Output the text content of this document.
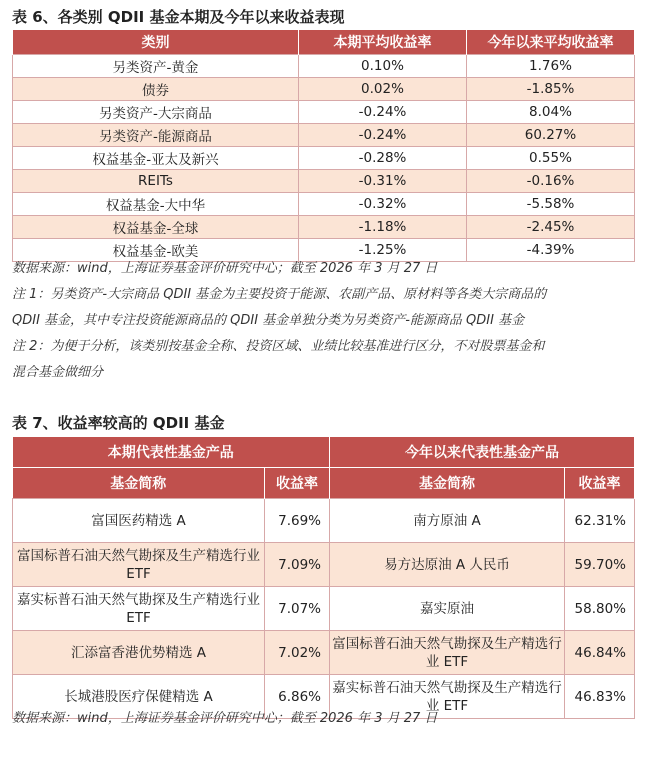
表 6、各类别 QDII 基金本期及今年以来收益表现
类别	本期平均收益率	今年以来平均收益率
另类资产-黄金	0.10%	1.76%
债券	0.02%	-1.85%
另类资产-大宗商品	-0.24%	8.04%
另类资产-能源商品	-0.24%	60.27%
权益基金-亚太及新兴	-0.28%	0.55%
REITs	-0.31%	-0.16%
权益基金-大中华	-0.32%	-5.58%
权益基金-全球	-1.18%	-2.45%
权益基金-欧美	-1.25%	-4.39%
数据来源：wind，上海证券基金评价研究中心；截至 2026 年 3 月 27 日
注 1：另类资产-大宗商品 QDII 基金为主要投资于能源、农副产品、原材料等各类大宗商品的
QDII 基金，其中专注投资能源商品的 QDII 基金单独分类为另类资产-能源商品 QDII 基金
注 2：为便于分析，该类别按基金全称、投资区域、业绩比较基准进行区分，不对股票基金和
混合基金做细分
表 7、收益率较高的 QDII 基金
本期代表性基金产品		今年以来代表性基金产品	
基金简称	收益率	基金简称	收益率
富国医药精选 A	7.69%	南方原油 A	62.31%
富国标普石油天然气勘探及生产精选行业 ETF	7.09%	易方达原油 A 人民币	59.70%
嘉实标普石油天然气勘探及生产精选行业 ETF	7.07%	嘉实原油	58.80%
汇添富香港优势精选 A	7.02%	富国标普石油天然气勘探及生产精选行业 ETF	46.84%
长城港股医疗保健精选 A	6.86%	嘉实标普石油天然气勘探及生产精选行业 ETF	46.83%
数据来源：wind，上海证券基金评价研究中心；截至 2026 年 3 月 27 日
